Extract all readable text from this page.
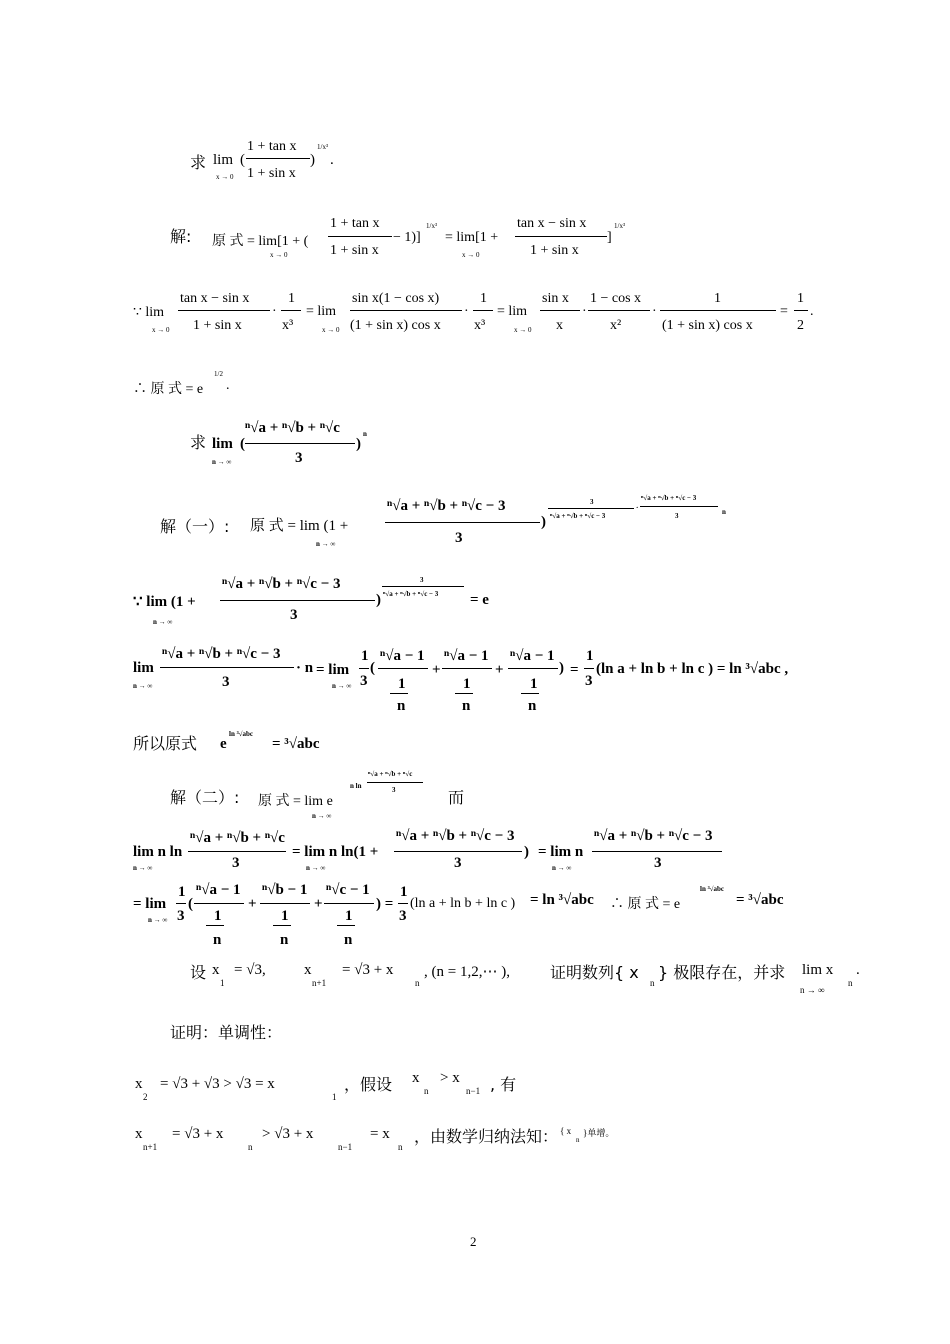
求 lim
x → 0
(
1 + tan x
1 + sin x
)
1/x³
.
解: 原 式 = lim[1 + (
x → 0
1 + tan x
1 + sin x
− 1)]
1/x³
= lim[1 +
x → 0
tan x − sin x
1 + sin x
]
1/x³
∵ lim
x → 0
tan x − sin x
1 + sin x
·
1
x³
= lim
x → 0
sin x(1 − cos x)
(1 + sin x) cos x
·
1
x³
= lim
x → 0
sin x
x
·
1 − cos x
x²
·
1
(1 + sin x) cos x
=
1
2
.
∴ 原 式 = e
1/2
.
求 lim
n → ∞
(
ⁿ√a + ⁿ√b + ⁿ√c
3
)
n
解（一）: 原 式 = lim (1 +
n → ∞
ⁿ√a + ⁿ√b + ⁿ√c − 3
3
)
3
ⁿ√a + ⁿ√b + ⁿ√c − 3
·
ⁿ√a + ⁿ√b + ⁿ√c − 3
3	n
∵ lim (1 +
n → ∞
ⁿ√a + ⁿ√b + ⁿ√c − 3
3
)
3
ⁿ√a + ⁿ√b + ⁿ√c − 3 = e
lim
n → ∞
ⁿ√a + ⁿ√b + ⁿ√c − 3
3
· n = lim
n → ∞
1
3
(
ⁿ√a − 1
1
n
+
ⁿ√a − 1
1
n
+
ⁿ√a − 1
1
n
) =
1
3
(ln a + ln b + ln c ) = ln ³√abc ,
所以原式 e
ln ³√abc
= ³√abc
解（二）: 原 式 = lim e
n → ∞
n ln
ⁿ√a + ⁿ√b + ⁿ√c
3	而
lim n ln
n → ∞
ⁿ√a + ⁿ√b + ⁿ√c
3
= lim n ln(1 +
n → ∞
ⁿ√a + ⁿ√b + ⁿ√c − 3
3
) = lim n
n → ∞
ⁿ√a + ⁿ√b + ⁿ√c − 3
3
= lim
n → ∞
1
3
(
ⁿ√a − 1
1
n
+
ⁿ√b − 1
1
n
+
ⁿ√c − 1
1
n
) =
1
3
(ln a + ln b + ln c ) = ln ³√abc ∴ 原 式 = e
ln ³√abc
= ³√abc
设 x
1
= √3,	x
n+1
= √3 + x
n
, (n = 1,2,⋯ ),	证明数列{ x
n
} 极限存在，并求 lim x
n → ∞
n
.
证明：单调性：
x
2
= √3 + √3 > √3 = x
1
，假设 x
n
> x
n−1 , 有
x
n+1
= √3 + x
n
> √3 + x
n−1
= x
n
，由数学归纳法知： { x
n
}单增。
2
